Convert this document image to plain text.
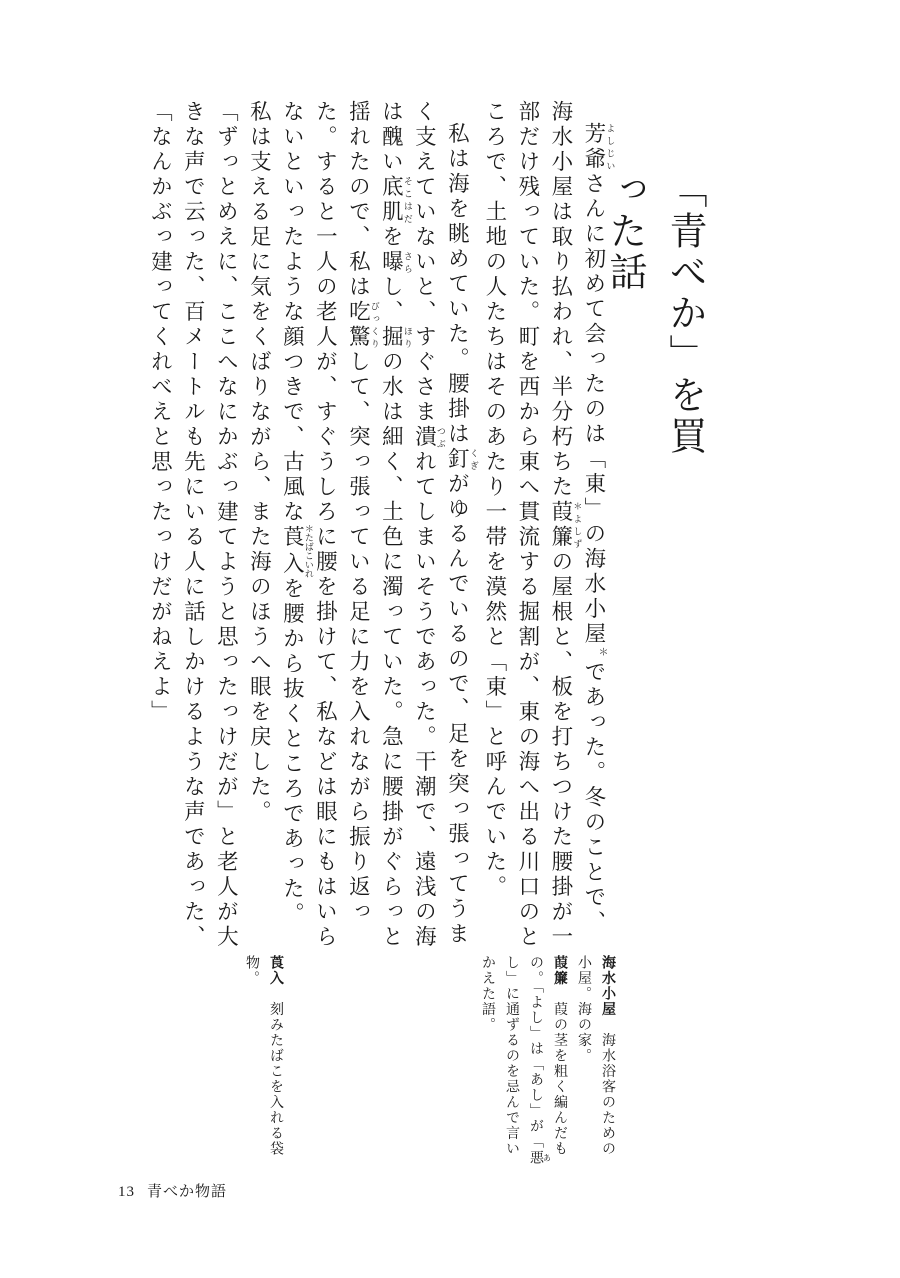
「青べか」を買った話

芳爺よしじいさんに初めて会ったのは「東」の海水小屋＊であった。冬のことで、海水小屋は取り払われ、半分朽ちた葭簾＊よしずの屋根と、板を打ちつけた腰掛が一部だけ残っていた。町を西から東へ貫流する掘割が、東の海へ出る川口のところで、土地の人たちはそのあたり一帯を漠然と「東」と呼んでいた。

私は海を眺めていた。腰掛は釘くぎがゆるんでいるので、足を突っ張ってうまく支えていないと、すぐさま潰つぶれてしまいそうであった。干潮で、遠浅の海は醜い底肌そこはだを曝さらし、掘ほりの水は細く、土色に濁っていた。急に腰掛がぐらっと揺れたので、私は吃驚びっくりして、突っ張っている足に力を入れながら振り返った。すると一人の老人が、すぐうしろに腰を掛けて、私などは眼にもはいらないといったような顔つきで、古風な莨入＊たばこいれを腰から抜くところであった。私は支える足に気をくばりながら、また海のほうへ眼を戻した。

「ずっとめえに、ここへなにかぶっ建てようと思ったっけだが」と老人が大きな声で云った、百メートルも先にいる人に話しかけるような声であった、「なんかぶっ建ってくれべえと思ったっけだがねえよ」

海水小屋　海水浴客のための小屋。海の家。
葭簾　葭の茎を粗く編んだもの。「よし」は「あし」が「悪あし」に通ずるのを忌んで言いかえた語。
莨入　刻みたばこを入れる袋物。
13 青べか物語
